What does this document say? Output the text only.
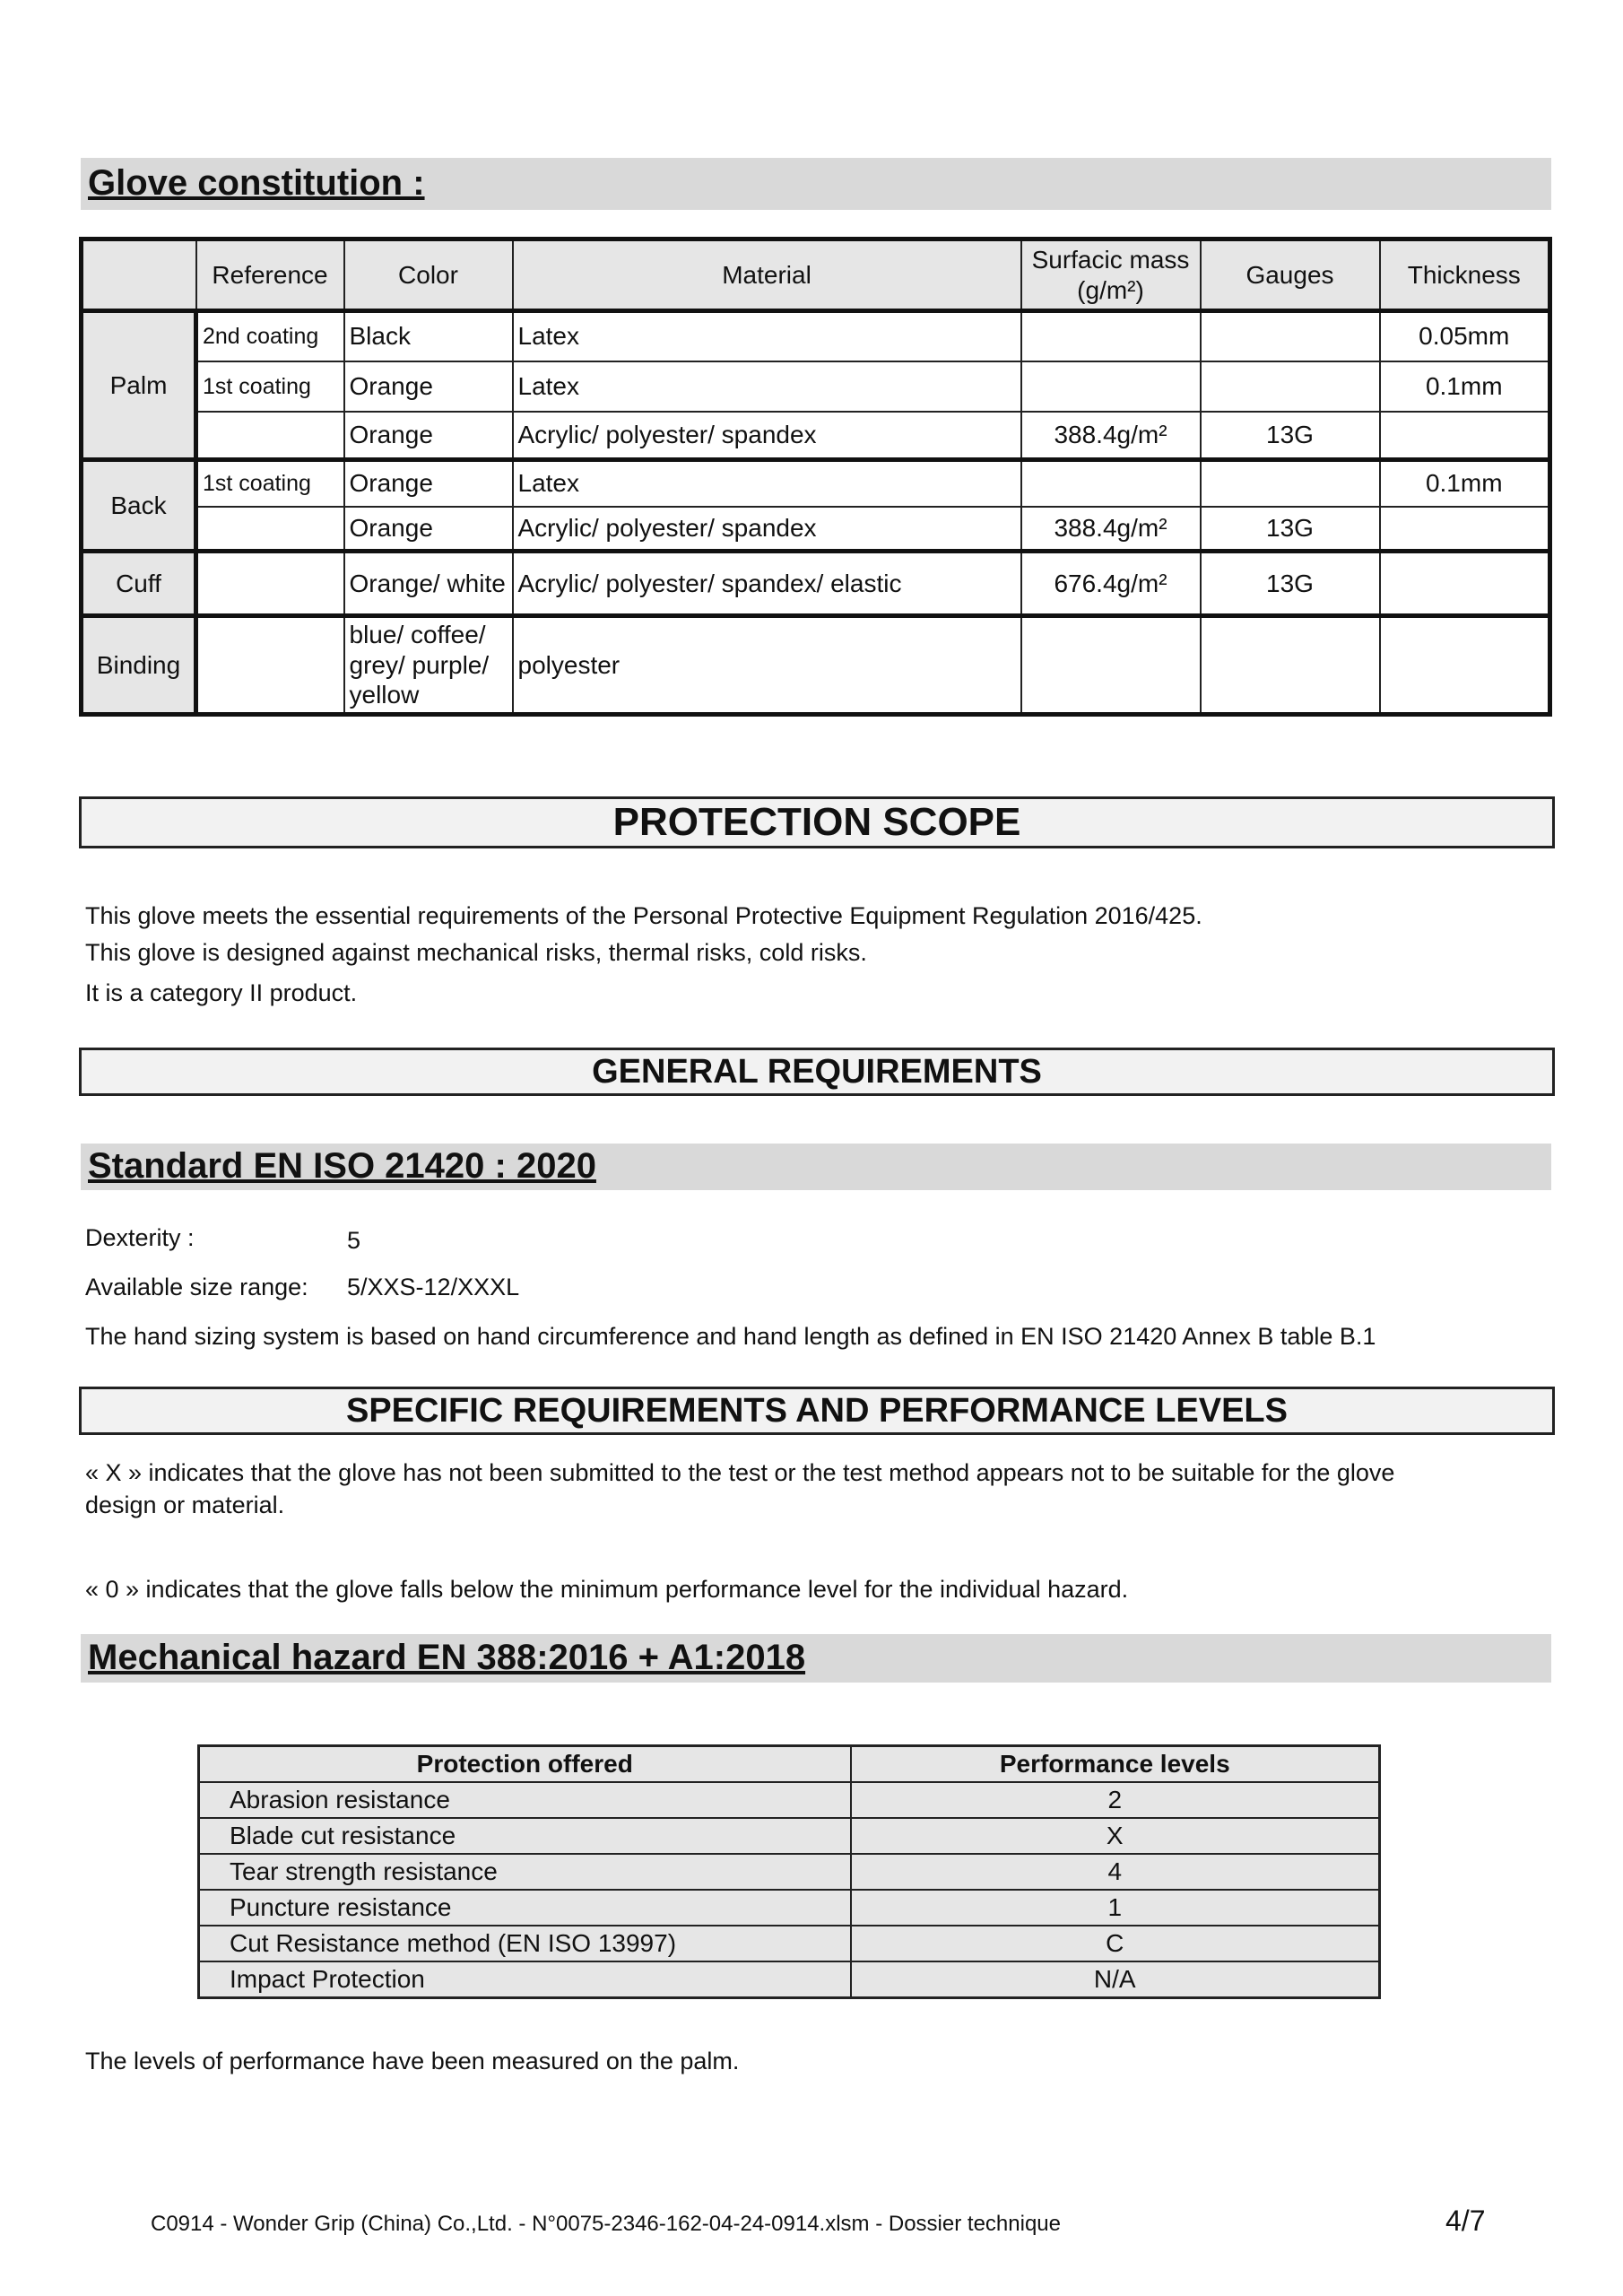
Glove constitution :
	Reference	Color	Material	Surfacic mass (g/m²)	Gauges	Thickness
Palm	2nd coating	Black	Latex			0.05mm
	1st coating	Orange	Latex			0.1mm
		Orange	Acrylic/ polyester/ spandex	388.4g/m²	13G	
Back	1st coating	Orange	Latex			0.1mm
		Orange	Acrylic/ polyester/ spandex	388.4g/m²	13G	
Cuff		Orange/ white	Acrylic/ polyester/ spandex/ elastic	676.4g/m²	13G	
Binding		blue/ coffee/ grey/ purple/ yellow	polyester			
PROTECTION SCOPE
This glove meets the essential requirements of the Personal Protective Equipment Regulation 2016/425.
This glove is designed against mechanical risks, thermal risks, cold risks.
It is a category II product.
GENERAL REQUIREMENTS
Standard EN ISO 21420 : 2020
Dexterity :	5
Available size range: 5/XXS-12/XXXL
The hand sizing system is based on hand circumference and hand length as defined in EN ISO 21420 Annex B table B.1
SPECIFIC REQUIREMENTS AND PERFORMANCE LEVELS
« X » indicates that the glove has not been submitted to the test or the test method appears not to be suitable for the glove
design or material.
« 0 » indicates that the glove falls below the minimum performance level for the individual hazard.
Mechanical hazard EN 388:2016 + A1:2018
Protection offered	Performance levels
Abrasion resistance	2
Blade cut resistance	X
Tear strength resistance	4
Puncture resistance	1
Cut Resistance method (EN ISO 13997)	C
Impact Protection	N/A
The levels of performance have been measured on the palm.
C0914 - Wonder Grip (China) Co.,Ltd. - N°0075-2346-162-04-24-0914.xlsm - Dossier technique	4/7
